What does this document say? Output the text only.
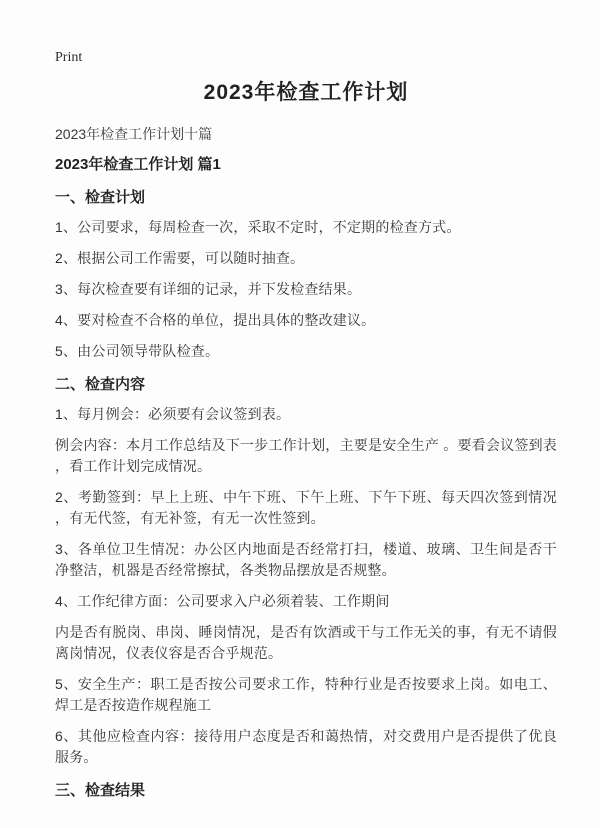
Print
2023年检查工作计划

2023年检查工作计划十篇

2023年检查工作计划 篇1
一、检查计划

1、公司要求，每周检查一次，采取不定时，不定期的检查方式。

2、根据公司工作需要，可以随时抽查。

3、每次检查要有详细的记录，并下发检查结果。

4、要对检查不合格的单位，提出具体的整改建议。

5、由公司领导带队检查。

二、检查内容

1、每月例会：必须要有会议签到表。

例会内容：本月工作总结及下一步工作计划，主要是安全生产 。要看会议签到表，看工作计划完成情况。

2、考勤签到：早上上班、中午下班、下午上班、下午下班、每天四次签到情况，有无代签，有无补签，有无一次性签到。

3、各单位卫生情况：办公区内地面是否经常打扫，楼道、玻璃、卫生间是否干净整洁，机器是否经常擦拭，各类物品摆放是否规整。

4、工作纪律方面：公司要求入户必须着装、工作期间

内是否有脱岗、串岗、睡岗情况，是否有饮酒或干与工作无关的事，有无不请假离岗情况，仪表仪容是否合乎规范。

5、安全生产：职工是否按公司要求工作，特种行业是否按要求上岗。如电工、焊工是否按造作规程施工

6、其他应检查内容：接待用户态度是否和蔼热情，对交费用户是否提供了优良服务。

三、检查结果
